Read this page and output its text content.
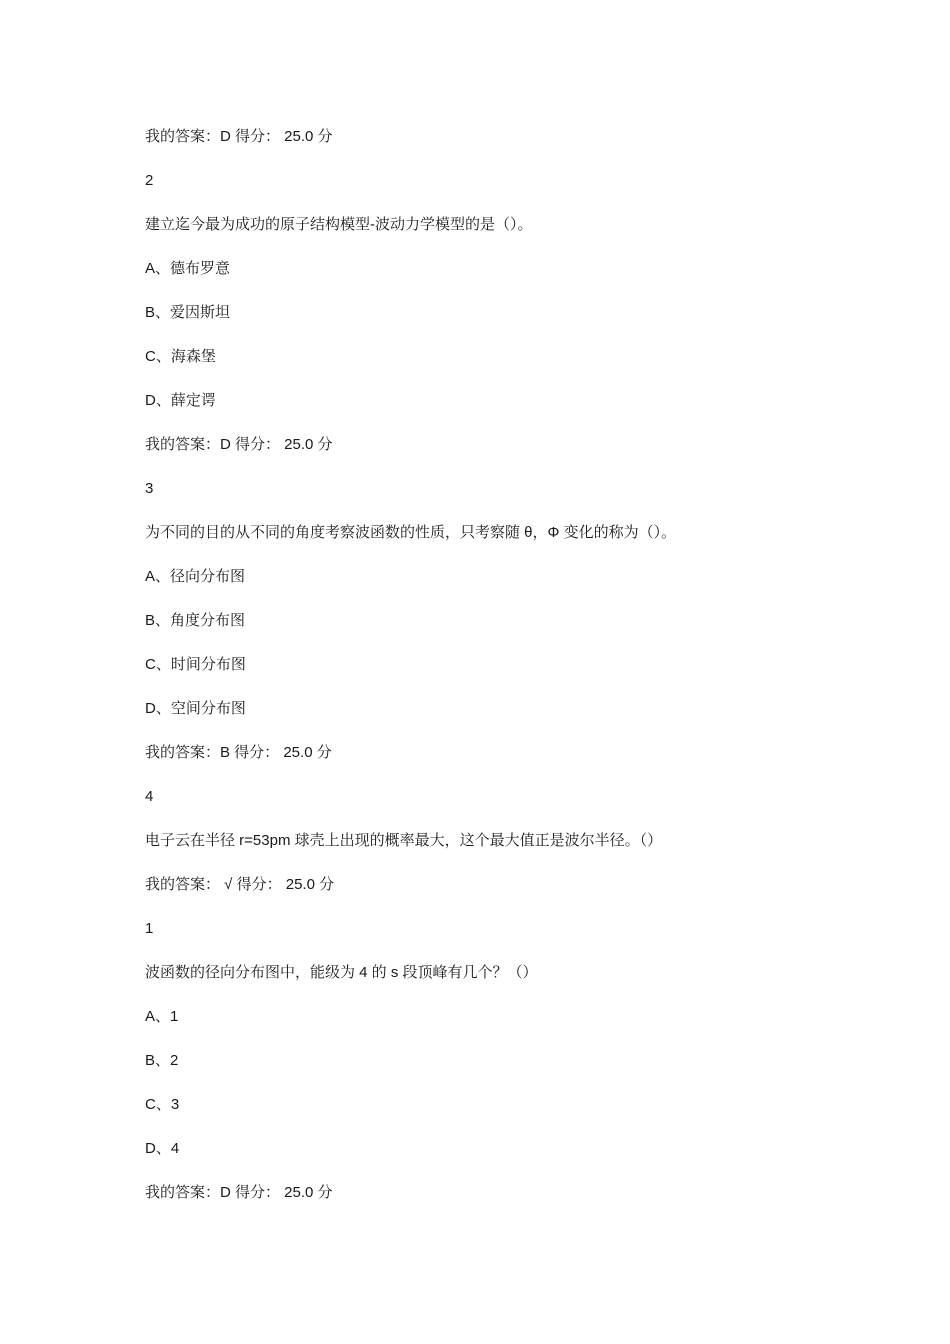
我的答案：D 得分： 25.0 分
2
建立迄今最为成功的原子结构模型-波动力学模型的是（）。
A、德布罗意
B、爱因斯坦
C、海森堡
D、薛定谔
我的答案：D 得分： 25.0 分
3
为不同的目的从不同的角度考察波函数的性质，只考察随 θ，Φ 变化的称为（）。
A、径向分布图
B、角度分布图
C、时间分布图
D、空间分布图
我的答案：B 得分： 25.0 分
4
电子云在半径 r=53pm 球壳上出现的概率最大，这个最大值正是波尔半径。（）
我的答案： √ 得分： 25.0 分
1
波函数的径向分布图中，能级为 4 的 s 段顶峰有几个？（）
A、1
B、2
C、3
D、4
我的答案：D 得分： 25.0 分
